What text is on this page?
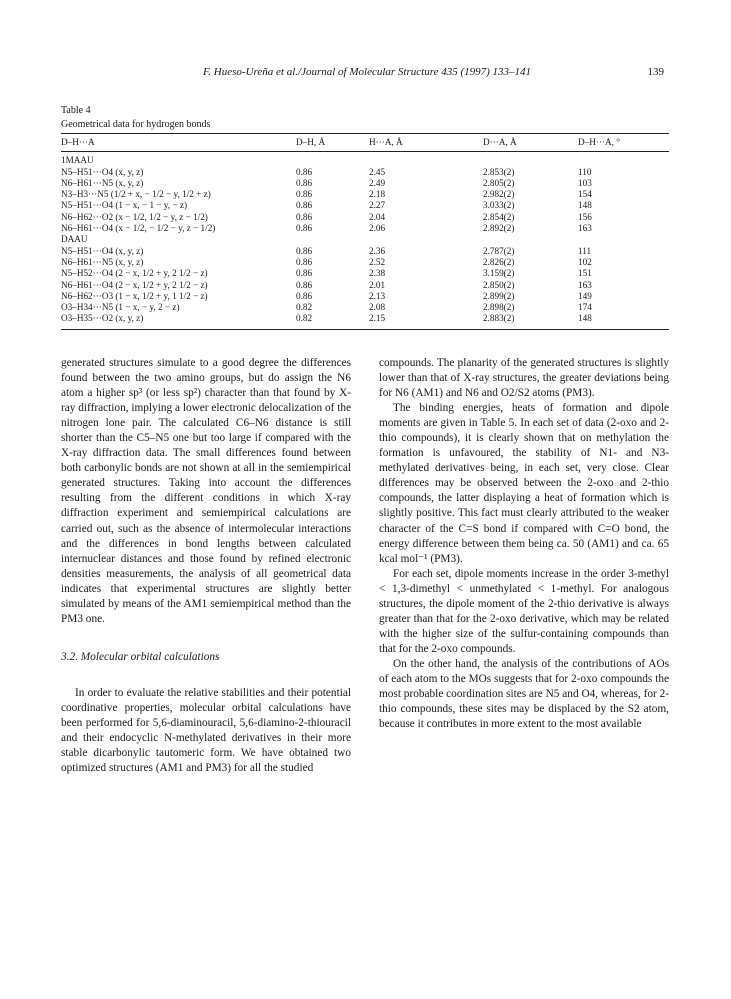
F. Hueso-Ureña et al./Journal of Molecular Structure 435 (1997) 133–141	139
Table 4
Geometrical data for hydrogen bonds
D–H···A	D–H, Å	H···A, Å	D···A, Å	D–H···A, °
1MAAU				
N5–H51···O4 (x, y, z)	0.86	2.45	2.853(2)	110
N6–H61···N5 (x, y, z)	0.86	2.49	2.805(2)	103
N3–H3···N5 (1/2 + x, − 1/2 − y, 1/2 + z)	0.86	2.18	2.982(2)	154
N5–H51···O4 (1 − x, − 1 − y, − z)	0.86	2.27	3.033(2)	148
N6–H62···O2 (x − 1/2, 1/2 − y, z − 1/2)	0.86	2.04	2.854(2)	156
N6–H61···O4 (x − 1/2, − 1/2 − y, z − 1/2)	0.86	2.06	2.892(2)	163
DAAU				
N5–H51···O4 (x, y, z)	0.86	2.36	2.787(2)	111
N6–H61···N5 (x, y, z)	0.86	2.52	2.826(2)	102
N5–H52···O4 (2 − x, 1/2 + y, 2 1/2 − z)	0.86	2.38	3.159(2)	151
N6–H61···O4 (2 − x, 1/2 + y, 2 1/2 − z)	0.86	2.01	2.850(2)	163
N6–H62···O3 (1 − x, 1/2 + y, 1 1/2 − z)	0.86	2.13	2.899(2)	149
O3–H34···N5 (1 − x, − y, 2 − z)	0.82	2.08	2.898(2)	174
O3–H35···O2 (x, y, z)	0.82	2.15	2.883(2)	148

generated structures simulate to a good degree the differences found between the two amino groups, but do assign the N6 atom a higher sp³ (or less sp²) character than that found by X-ray diffraction, implying a lower electronic delocalization of the nitrogen lone pair. The calculated C6–N6 distance is still shorter than the C5–N5 one but too large if compared with the X-ray diffraction data. The small differences found between both carbonylic bonds are not shown at all in the semiempirical generated structures. Taking into account the differences resulting from the different conditions in which X-ray diffraction experiment and semiempirical calculations are carried out, such as the absence of intermolecular interactions and the differences in bond lengths between calculated internuclear distances and those found by refined electronic densities measurements, the analysis of all geometrical data indicates that experimental structures are slightly better simulated by means of the AM1 semiempirical method than the PM3 one.

3.2. Molecular orbital calculations

In order to evaluate the relative stabilities and their potential coordinative properties, molecular orbital calculations have been performed for 5,6-diaminouracil, 5,6-diamino-2-thiouracil and their endocyclic N-methylated derivatives in their more stable dicarbonylic tautomeric form. We have obtained two optimized structures (AM1 and PM3) for all the studied

compounds. The planarity of the generated structures is slightly lower than that of X-ray structures, the greater deviations being for N6 (AM1) and N6 and O2/S2 atoms (PM3).

The binding energies, heats of formation and dipole moments are given in Table 5. In each set of data (2-oxo and 2-thio compounds), it is clearly shown that on methylation the formation is unfavoured, the stability of N1- and N3-methylated derivatives being, in each set, very close. Clear differences may be observed between the 2-oxo and 2-thio compounds, the latter displaying a heat of formation which is slightly positive. This fact must clearly attributed to the weaker character of the C=S bond if compared with C=O bond, the energy difference between them being ca. 50 (AM1) and ca. 65 kcal mol⁻¹ (PM3).

For each set, dipole moments increase in the order 3-methyl < 1,3-dimethyl < unmethylated < 1-methyl. For analogous structures, the dipole moment of the 2-thio derivative is always greater than that for the 2-oxo derivative, which may be related with the higher size of the sulfur-containing compounds than that for the 2-oxo compounds.

On the other hand, the analysis of the contributions of AOs of each atom to the MOs suggests that for 2-oxo compounds the most probable coordination sites are N5 and O4, whereas, for 2-thio compounds, these sites may be displaced by the S2 atom, because it contributes in more extent to the most available
